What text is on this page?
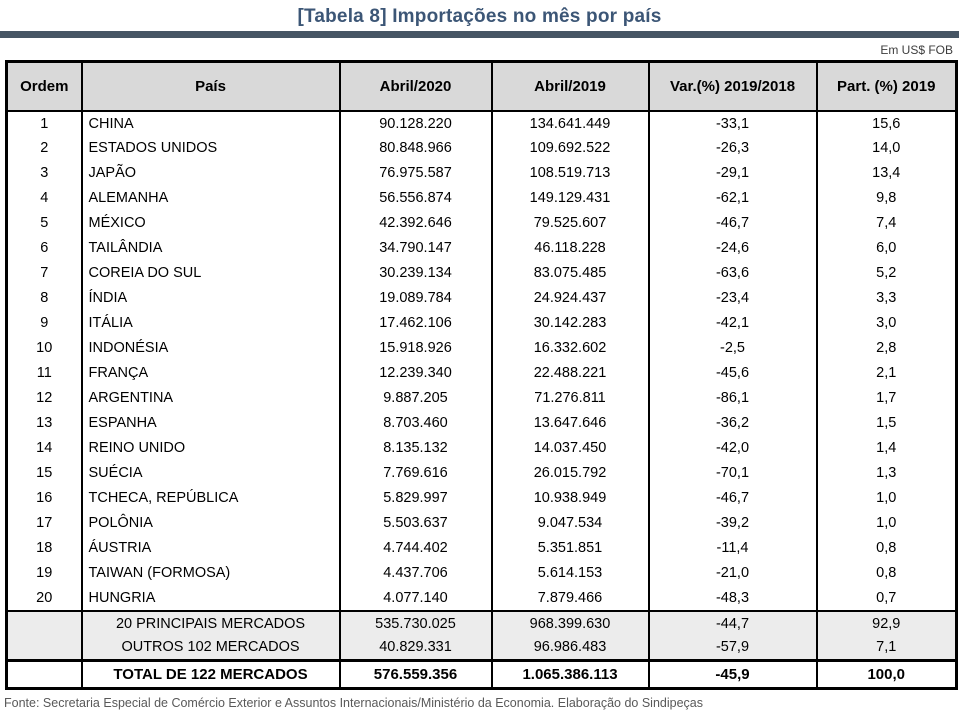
[Tabela 8] Importações no mês por país
Em US$ FOB
Ordem	País	Abril/2020	Abril/2019	Var.(%) 2019/2018	Part. (%) 2019
1	CHINA	90.128.220	134.641.449	-33,1	15,6
2	ESTADOS UNIDOS	80.848.966	109.692.522	-26,3	14,0
3	JAPÃO	76.975.587	108.519.713	-29,1	13,4
4	ALEMANHA	56.556.874	149.129.431	-62,1	9,8
5	MÉXICO	42.392.646	79.525.607	-46,7	7,4
6	TAILÂNDIA	34.790.147	46.118.228	-24,6	6,0
7	COREIA DO SUL	30.239.134	83.075.485	-63,6	5,2
8	ÍNDIA	19.089.784	24.924.437	-23,4	3,3
9	ITÁLIA	17.462.106	30.142.283	-42,1	3,0
10	INDONÉSIA	15.918.926	16.332.602	-2,5	2,8
11	FRANÇA	12.239.340	22.488.221	-45,6	2,1
12	ARGENTINA	9.887.205	71.276.811	-86,1	1,7
13	ESPANHA	8.703.460	13.647.646	-36,2	1,5
14	REINO UNIDO	8.135.132	14.037.450	-42,0	1,4
15	SUÉCIA	7.769.616	26.015.792	-70,1	1,3
16	TCHECA, REPÚBLICA	5.829.997	10.938.949	-46,7	1,0
17	POLÔNIA	5.503.637	9.047.534	-39,2	1,0
18	ÁUSTRIA	4.744.402	5.351.851	-11,4	0,8
19	TAIWAN (FORMOSA)	4.437.706	5.614.153	-21,0	0,8
20	HUNGRIA	4.077.140	7.879.466	-48,3	0,7
	20 PRINCIPAIS MERCADOS	535.730.025	968.399.630	-44,7	92,9
	OUTROS 102 MERCADOS	40.829.331	96.986.483	-57,9	7,1
	TOTAL DE 122 MERCADOS	576.559.356	1.065.386.113	-45,9	100,0
Fonte: Secretaria Especial de Comércio Exterior e Assuntos Internacionais/Ministério da Economia. Elaboração do Sindipeças
